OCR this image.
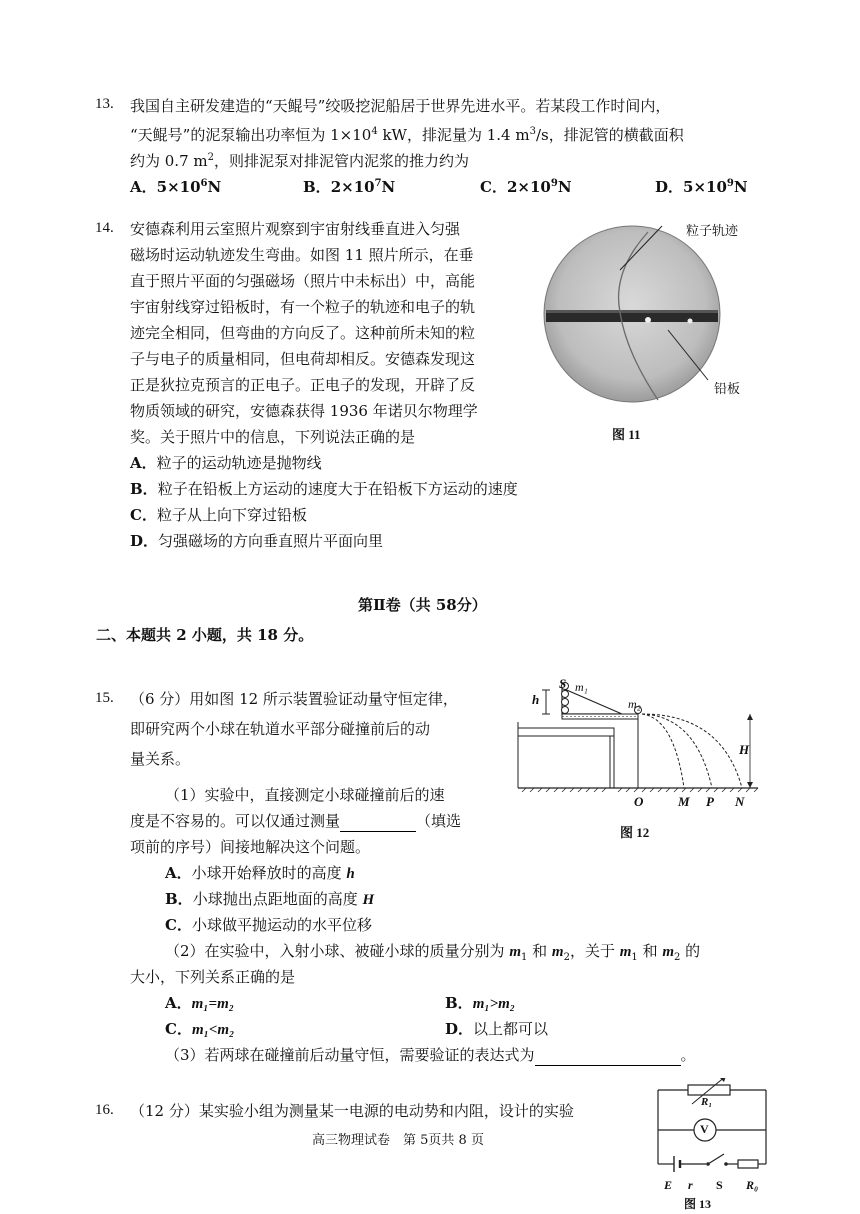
13. 我国自主研发建造的“天鲲号”绞吸挖泥船居于世界先进水平。若某段工作时间内，
“天鲲号”的泥泵输出功率恒为 $1\times 10^4$ kW，排泥量为 1.4 $m^3/s$，排泥管的横截面积
约为 0.7 $m^2$，则排泥泵对排泥管内泥浆的推力约为
A．$5\times 10^6N$	B．$2\times 10^7N$	C．$2\times 10^9N$	D．$5\times 10^9N$
14. 安德森利用云室照片观察到宇宙射线垂直进入匀强
磁场时运动轨迹发生弯曲。如图 11 照片所示，在垂
直于照片平面的匀强磁场（照片中未标出）中，高能
宇宙射线穿过铅板时，有一个粒子的轨迹和电子的轨
迹完全相同，但弯曲的方向反了。这种前所未知的粒
子与电子的质量相同，但电荷却相反。安德森发现这
正是狄拉克预言的正电子。正电子的发现，开辟了反
物质领域的研究，安德森获得 1936 年诺贝尔物理学
奖。关于照片中的信息，下列说法正确的是
A．粒子的运动轨迹是抛物线
B．粒子在铅板上方运动的速度大于在铅板下方运动的速度
C．粒子从上向下穿过铅板
D．匀强磁场的方向垂直照片平面向里
粒子轨迹
铅板
图 11
第Ⅱ卷（共 58分）
二、本题共 2 小题，共 18 分。
15. （6 分）用如图 12 所示装置验证动量守恒定律，
即研究两个小球在轨道水平部分碰撞前后的动
量关系。
（1）实验中，直接测定小球碰撞前后的速
度是不容易的。可以仅通过测量	（填选
项前的序号）间接地解决这个问题。
A．小球开始释放时的高度 h
B．小球抛出点距地面的高度 H
C．小球做平抛运动的水平位移
（2）在实验中，入射小球、被碰小球的质量分别为 $m_1$ 和 $m_2$，关于 $m_1$ 和 $m_2$ 的
大小，下列关系正确的是
A．m₁=m₂	B．m₁>m₂
C．m₁<m₂	D．以上都可以
（3）若两球在碰撞前后动量守恒，需要验证的表达式为	。
S m₁
h	m₂
H
O	M P N
图 12
16. （12 分）某实验小组为测量某一电源的电动势和内阻，设计的实验	R₁
V
E r S R₀
图 13
高三物理试卷　第 5页共 8 页
